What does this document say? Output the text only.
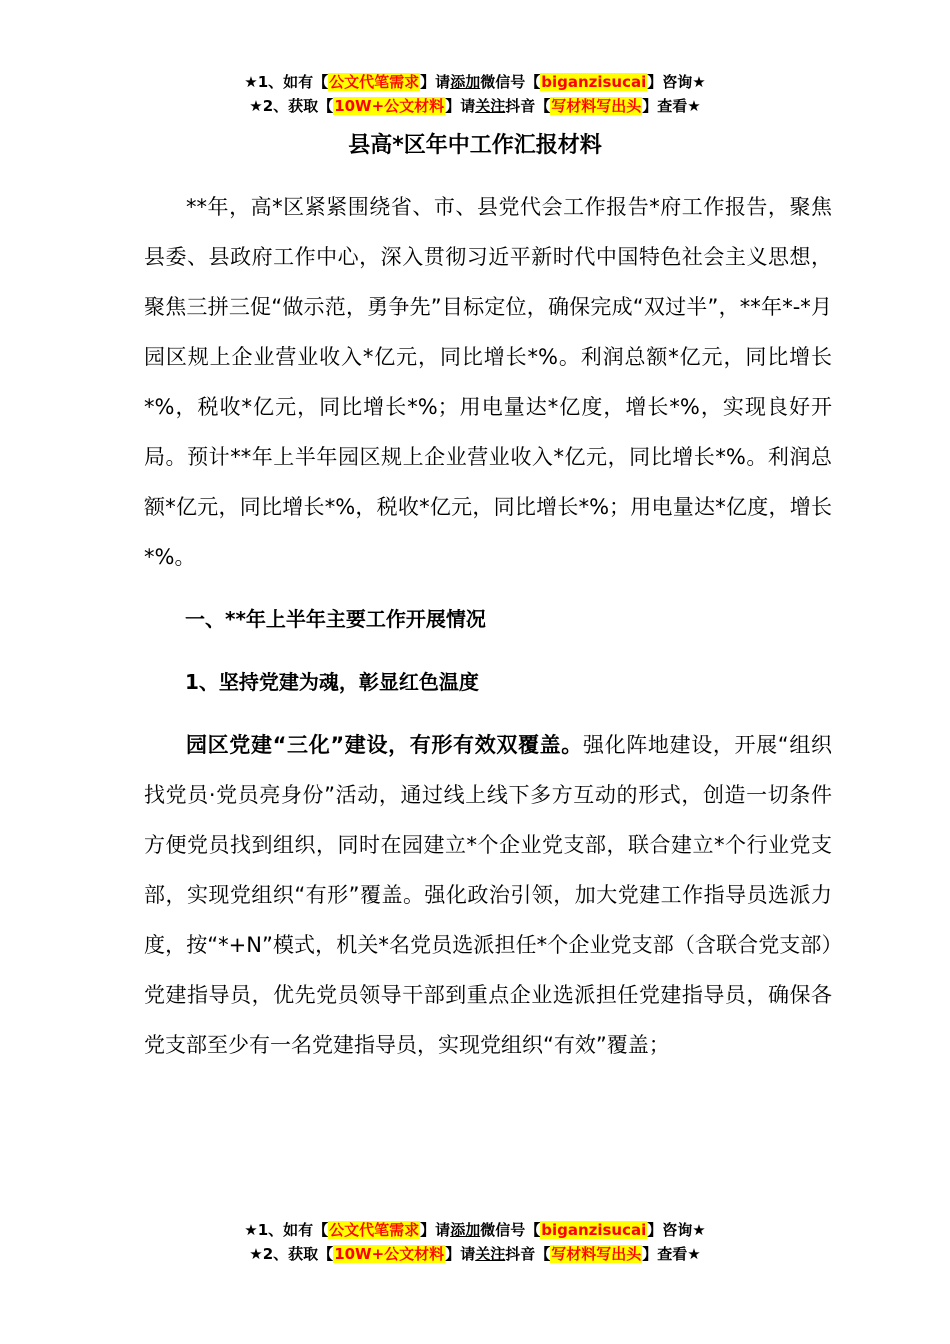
★1、如有【公文代笔需求】请添加微信号【biganzisucai】咨询★
★2、获取【10W+公文材料】请关注抖音【写材料写出头】查看★
县高*区年中工作汇报材料

**年，高*区紧紧围绕省、市、县党代会工作报告*府工作报告，聚焦县委、县政府工作中心，深入贯彻习近平新时代中国特色社会主义思想，聚焦三拼三促“做示范，勇争先”目标定位，确保完成“双过半”，**年*-*月园区规上企业营业收入*亿元，同比增长*%。利润总额*亿元，同比增长*%，税收*亿元，同比增长*%；用电量达*亿度，增长*%，实现良好开局。预计**年上半年园区规上企业营业收入*亿元，同比增长*%。利润总额*亿元，同比增长*%，税收*亿元，同比增长*%；用电量达*亿度，增长*%。

一、**年上半年主要工作开展情况
1、坚持党建为魂，彰显红色温度

园区党建“三化”建设，有形有效双覆盖。强化阵地建设，开展“组织找党员·党员亮身份”活动，通过线上线下多方互动的形式，创造一切条件方便党员找到组织，同时在园建立*个企业党支部，联合建立*个行业党支部，实现党组织“有形”覆盖。强化政治引领，加大党建工作指导员选派力度，按“*+N”模式，机关*名党员选派担任*个企业党支部（含联合党支部）党建指导员，优先党员领导干部到重点企业选派担任党建指导员，确保各党支部至少有一名党建指导员，实现党组织“有效”覆盖；

★1、如有【公文代笔需求】请添加微信号【biganzisucai】咨询★
★2、获取【10W+公文材料】请关注抖音【写材料写出头】查看★
